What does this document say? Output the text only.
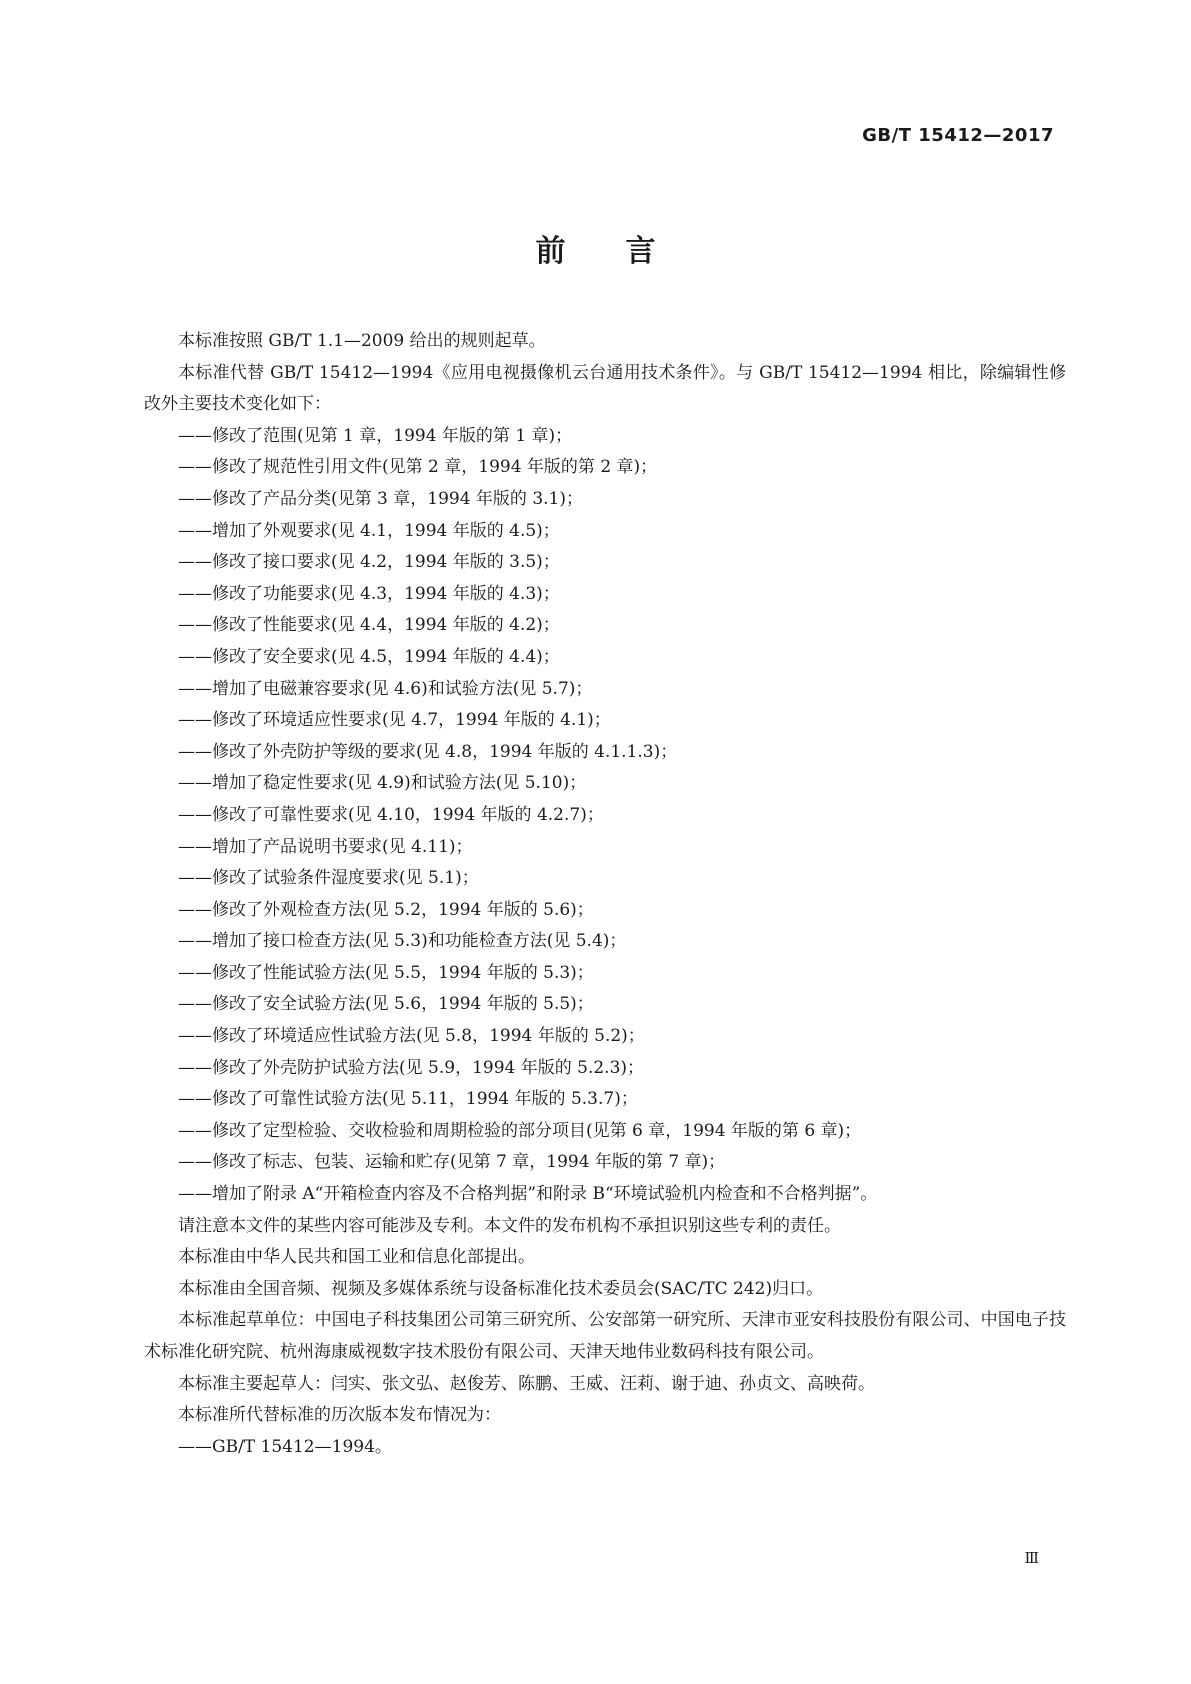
GB/T 15412—2017
前 言

本标准按照 GB/T 1.1—2009 给出的规则起草。

本标准代替 GB/T 15412—1994《应用电视摄像机云台通用技术条件》。与 GB/T 15412—1994 相比，除编辑性修改外主要技术变化如下：

——修改了范围(见第 1 章，1994 年版的第 1 章)；

——修改了规范性引用文件(见第 2 章，1994 年版的第 2 章)；

——修改了产品分类(见第 3 章，1994 年版的 3.1)；

——增加了外观要求(见 4.1，1994 年版的 4.5)；

——修改了接口要求(见 4.2，1994 年版的 3.5)；

——修改了功能要求(见 4.3，1994 年版的 4.3)；

——修改了性能要求(见 4.4，1994 年版的 4.2)；

——修改了安全要求(见 4.5，1994 年版的 4.4)；

——增加了电磁兼容要求(见 4.6)和试验方法(见 5.7)；

——修改了环境适应性要求(见 4.7，1994 年版的 4.1)；

——修改了外壳防护等级的要求(见 4.8，1994 年版的 4.1.1.3)；

——增加了稳定性要求(见 4.9)和试验方法(见 5.10)；

——修改了可靠性要求(见 4.10，1994 年版的 4.2.7)；

——增加了产品说明书要求(见 4.11)；

——修改了试验条件湿度要求(见 5.1)；

——修改了外观检查方法(见 5.2，1994 年版的 5.6)；

——增加了接口检查方法(见 5.3)和功能检查方法(见 5.4)；

——修改了性能试验方法(见 5.5，1994 年版的 5.3)；

——修改了安全试验方法(见 5.6，1994 年版的 5.5)；

——修改了环境适应性试验方法(见 5.8，1994 年版的 5.2)；

——修改了外壳防护试验方法(见 5.9，1994 年版的 5.2.3)；

——修改了可靠性试验方法(见 5.11，1994 年版的 5.3.7)；

——修改了定型检验、交收检验和周期检验的部分项目(见第 6 章，1994 年版的第 6 章)；

——修改了标志、包装、运输和贮存(见第 7 章，1994 年版的第 7 章)；

——增加了附录 A“开箱检查内容及不合格判据”和附录 B“环境试验机内检查和不合格判据”。

请注意本文件的某些内容可能涉及专利。本文件的发布机构不承担识别这些专利的责任。

本标准由中华人民共和国工业和信息化部提出。

本标准由全国音频、视频及多媒体系统与设备标准化技术委员会(SAC/TC 242)归口。

本标准起草单位：中国电子科技集团公司第三研究所、公安部第一研究所、天津市亚安科技股份有限公司、中国电子技术标准化研究院、杭州海康威视数字技术股份有限公司、天津天地伟业数码科技有限公司。

本标准主要起草人：闫实、张文弘、赵俊芳、陈鹏、王威、汪莉、谢于迪、孙贞文、高映荷。

本标准所代替标准的历次版本发布情况为：

——GB/T 15412—1994。

Ⅲ
